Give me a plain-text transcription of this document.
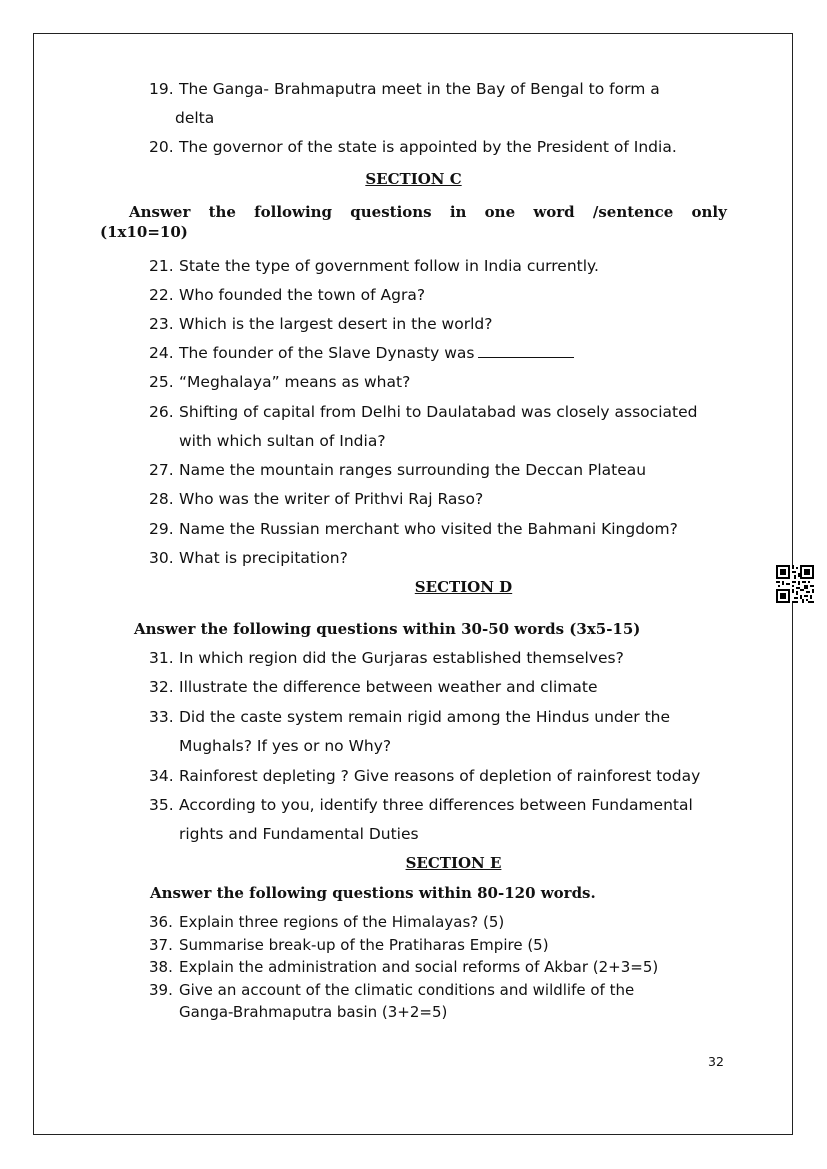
19. The Ganga- Brahmaputra meet in the Bay of Bengal to form a
delta
20. The governor of the state is appointed by the President of India.
SECTION C
Answer the following questions in one word /sentence only
(1x10=10)
21. State the type of government follow in India currently.
22. Who founded the town of Agra?
23. Which is the largest desert in the world?
24. The founder of the Slave Dynasty was
25. “Meghalaya” means as what?
26. Shifting of capital from Delhi to Daulatabad was closely associated
with which sultan of India?
27. Name the mountain ranges surrounding the Deccan Plateau
28. Who was the writer of Prithvi Raj Raso?
29. Name the Russian merchant who visited the Bahmani Kingdom?
30. What is precipitation?
SECTION D
Answer the following questions within 30-50 words (3x5-15)
31. In which region did the Gurjaras established themselves?
32. Illustrate the difference between weather and climate
33. Did the caste system remain rigid among the Hindus under the
Mughals? If yes or no Why?
34. Rainforest depleting ? Give reasons of depletion of rainforest today
35. According to you, identify three differences between Fundamental
rights and Fundamental Duties
SECTION E
Answer the following questions within 80-120 words.
36. Explain three regions of the Himalayas? (5)
37. Summarise break-up of the Pratiharas Empire (5)
38. Explain the administration and social reforms of Akbar (2+3=5)
39. Give an account of the climatic conditions and wildlife of the
Ganga-Brahmaputra basin (3+2=5)
32
